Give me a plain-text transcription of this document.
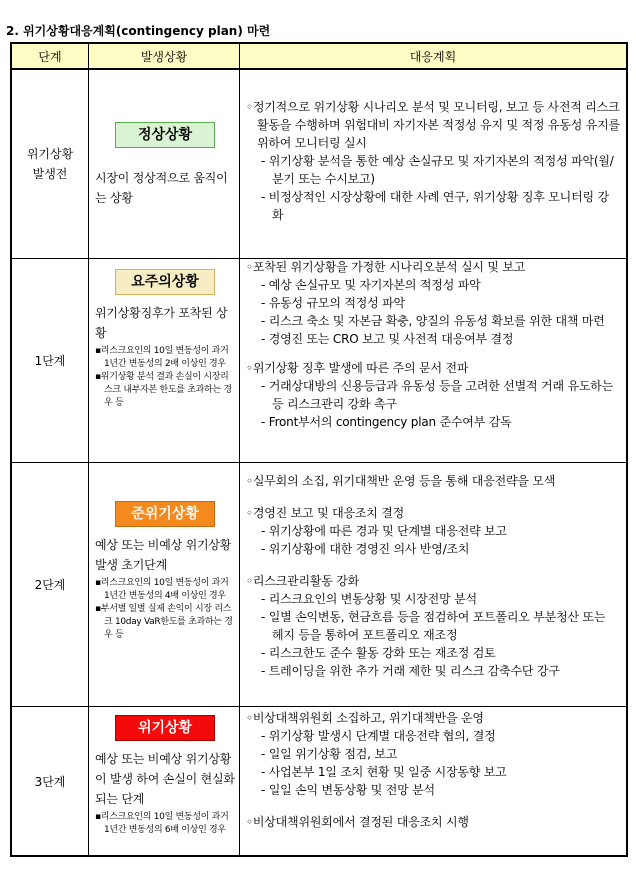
2. 위기상황대응계획(contingency plan) 마련
단계	발생상황	대응계획
위기상황
발생전
정상상황
시장이 정상적으로 움직이는 상황
◦정기적으로 위기상황 시나리오 분석 및 모니터링, 보고 등 사전적 리스크 활동을 수행하며 위험대비 자기자본 적정성 유지 및 적정 유동성 유지를 위하여 모니터링 실시
- 위기상황 분석을 통한 예상 손실규모 및 자기자본의 적정성 파악(월/분기 또는 수시보고)
- 비정상적인 시장상황에 대한 사례 연구, 위기상황 징후 모니터링 강화
1단계
요주의상황
위기상황징후가 포착된 상황
▪리스크요인의 10일 변동성이 과거 1년간 변동성의 2배 이상인 경우
▪위기상황 분석 결과 손실이 시장리스크 내부자본 한도를 초과하는 경우 등
◦포착된 위기상황을 가정한 시나리오분석 실시 및 보고
- 예상 손실규모 및 자기자본의 적정성 파악
- 유동성 규모의 적정성 파악
- 리스크 축소 및 자본금 확충, 양질의 유동성 확보를 위한 대책 마련
- 경영진 또는 CRO 보고 및 사전적 대응여부 결정
◦위기상황 징후 발생에 따른 주의 문서 전파
- 거래상대방의 신용등급과 유동성 등을 고려한 선별적 거래 유도하는 등 리스크관리 강화 촉구
- Front부서의 contingency plan 준수여부 감독
2단계
준위기상황
예상 또는 비예상 위기상황 발생 초기단계
▪리스크요인의 10일 변동성이 과거 1년간 변동성의 4배 이상인 경우
▪부서별 일별 실제 손익이 시장 리스크 10day VaR한도를 초과하는 경우 등
◦실무회의 소집, 위기대책반 운영 등을 통해 대응전략을 모색
◦경영진 보고 및 대응조치 결정
- 위기상황에 따른 경과 및 단계별 대응전략 보고
- 위기상황에 대한 경영진 의사 반영/조치
◦리스크관리활동 강화
- 리스크요인의 변동상황 및 시장전망 분석
- 일별 손익변동, 현금흐름 등을 점검하여 포트폴리오 부분청산 또는 헤지 등을 통하여 포트폴리오 재조정
- 리스크한도 준수 활동 강화 또는 재조정 검토
- 트레이딩을 위한 추가 거래 제한 및 리스크 감축수단 강구
3단계
위기상황
예상 또는 비예상 위기상황이 발생 하여 손실이 현실화 되는 단계
▪리스크요인의 10일 변동성이 과거 1년간 변동성의 6배 이상인 경우
◦비상대책위원회 소집하고, 위기대책반을 운영
- 위기상황 발생시 단계별 대응전략 협의, 결정
- 일일 위기상황 점검, 보고
- 사업본부 1일 조치 현황 및 일중 시장동향 보고
- 일일 손익 변동상황 및 전망 분석
◦비상대책위원회에서 결정된 대응조치 시행
